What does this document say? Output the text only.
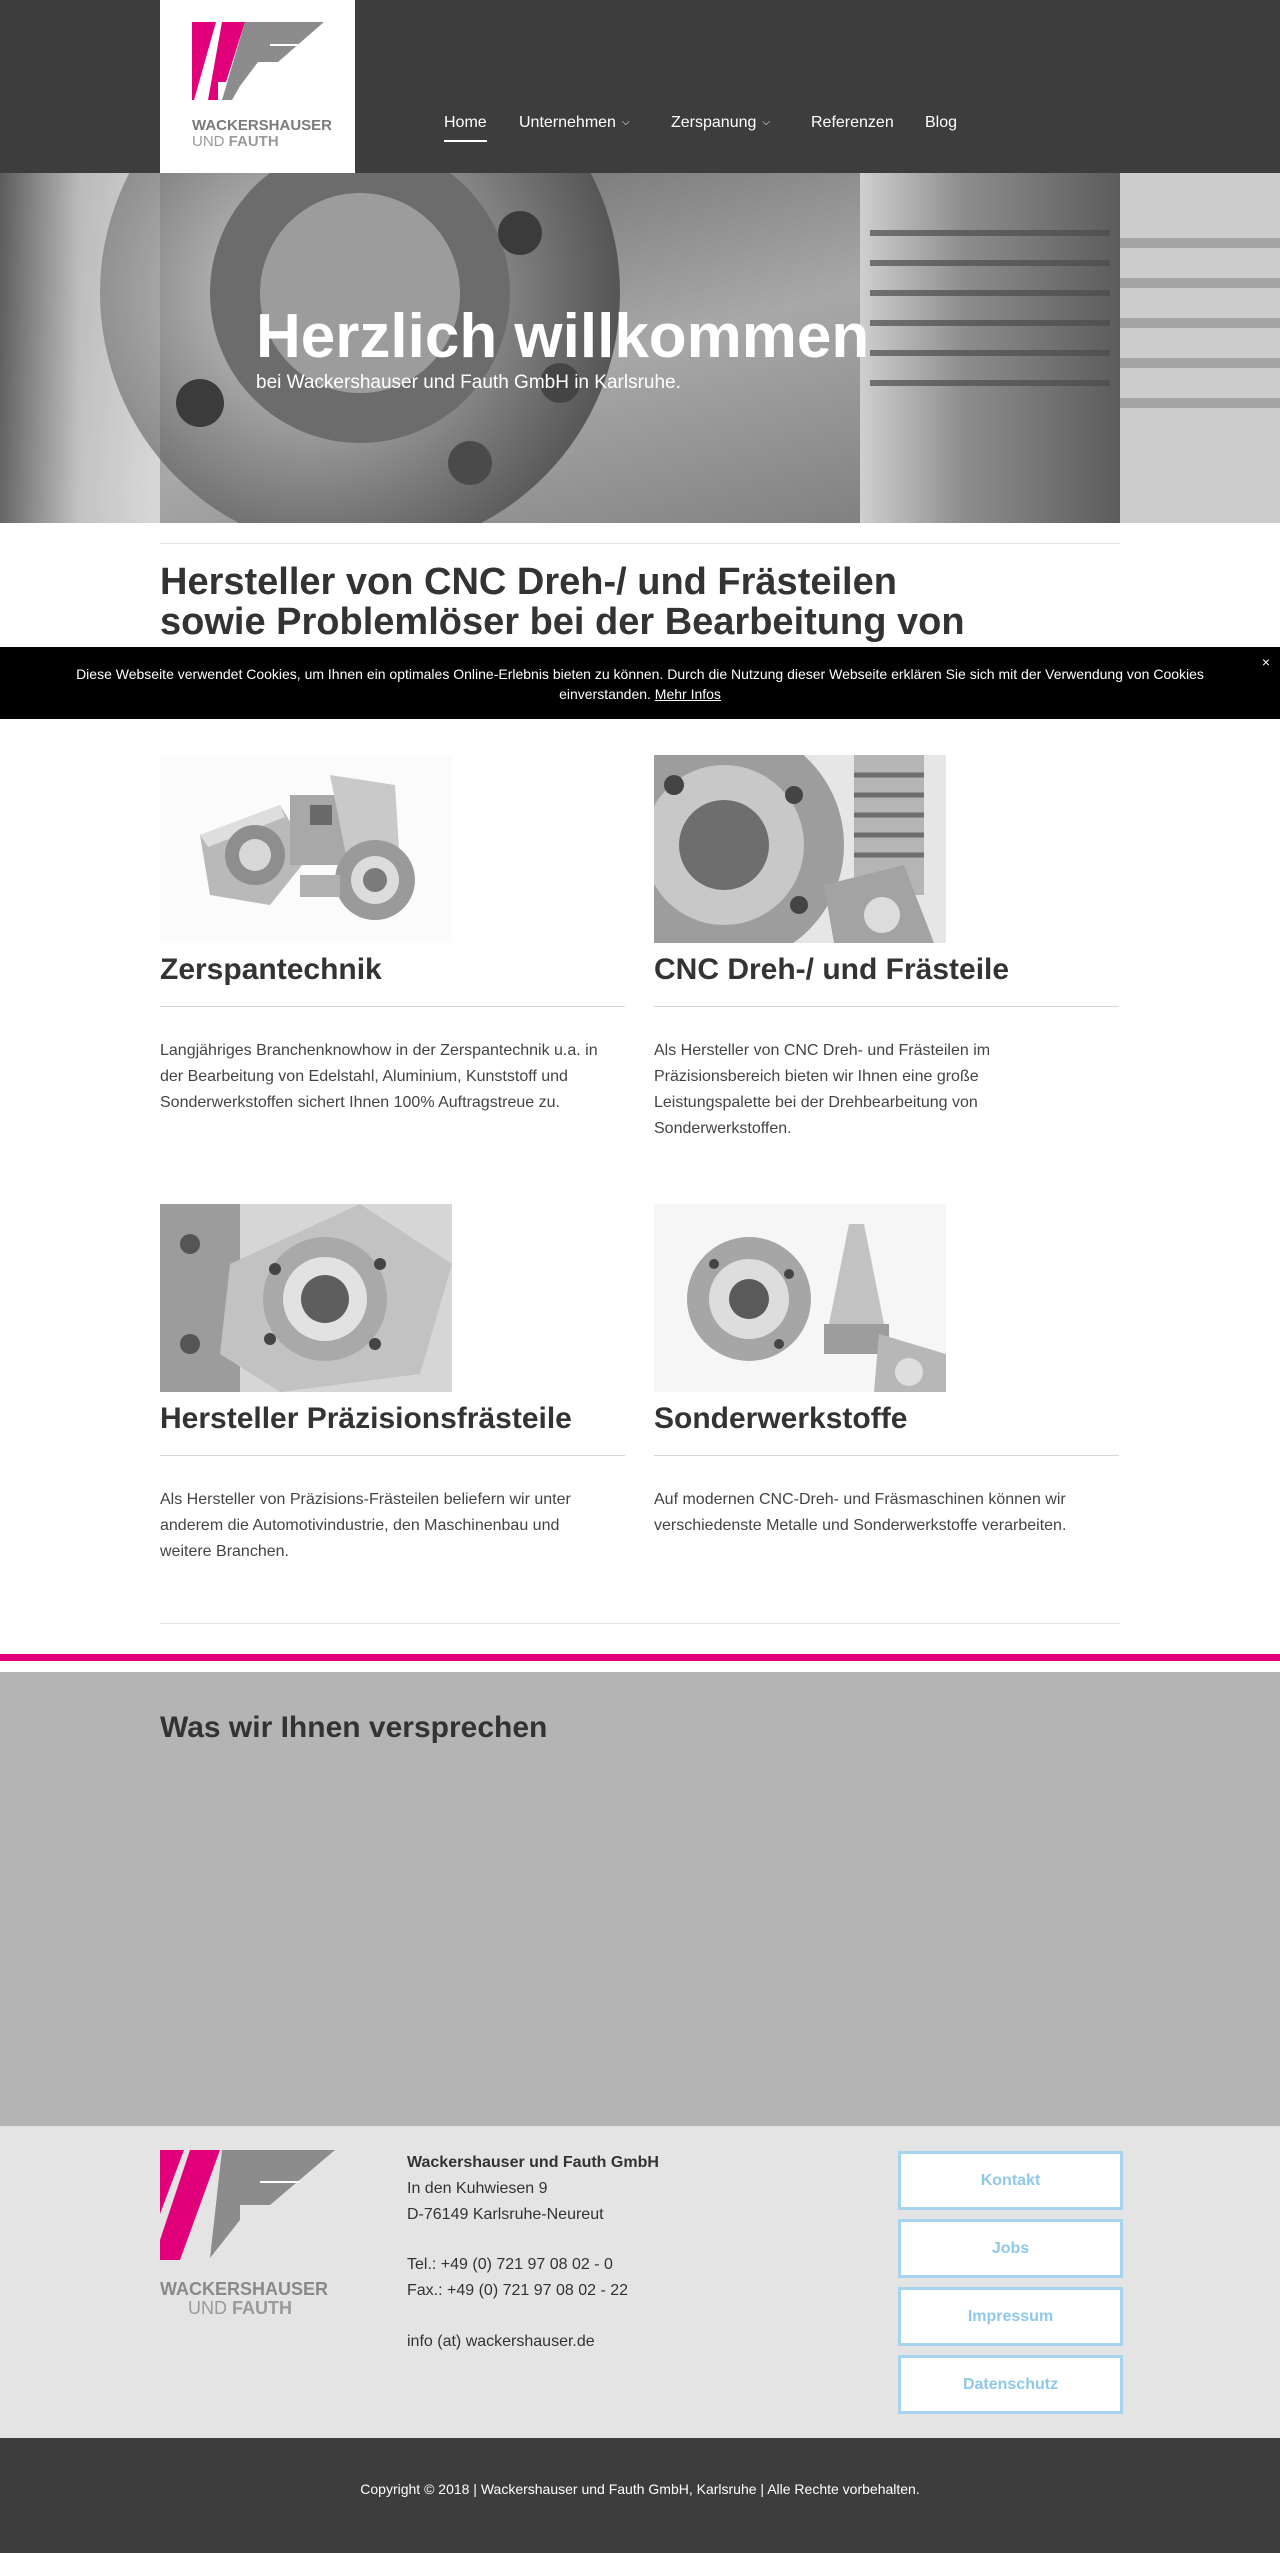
WACKERSHAUSER
UND FAUTH
Home Unternehmen ⌵	Zerspanung ⌵	Referenzen Blog
Herzlich willkommen
bei Wackershauser und Fauth GmbH in Karlsruhe.
Hersteller von CNC Dreh-/ und Frästeilen sowie Problemlöser bei der Bearbeitung von
Diese Webseite verwendet Cookies, um Ihnen ein optimales Online-Erlebnis bieten zu können. Durch die Nutzung dieser Webseite erklären Sie sich mit der Verwendung von Cookies einverstanden. Mehr Infos
×
Zerspantechnik
Langjähriges Branchenknowhow in der Zerspantechnik u.a. in der Bearbeitung von Edelstahl, Aluminium, Kunststoff und Sonderwerkstoffen sichert Ihnen 100% Auftragstreue zu.
CNC Dreh-/ und Frästeile
Als Hersteller von CNC Dreh- und Frästeilen im Präzisionsbereich bieten wir Ihnen eine große Leistungspalette bei der Drehbearbeitung von Sonderwerkstoffen.
Hersteller Präzisionsfrästeile
Als Hersteller von Präzisions-Frästeilen beliefern wir unter anderem die Automotivindustrie, den Maschinenbau und weitere Branchen.
Sonderwerkstoffe
Auf modernen CNC-Dreh- und Fräsmaschinen können wir verschiedenste Metalle und Sonderwerkstoffe verarbeiten.
Was wir Ihnen versprechen
WACKERSHAUSER
UND FAUTH
Wackershauser und Fauth GmbH
In den Kuhwiesen 9
D-76149 Karlsruhe-Neureut
Tel.: +49 (0) 721 97 08 02 - 0
Fax.: +49 (0) 721 97 08 02 - 22
info (at) wackershauser.de
Kontakt
Jobs
Impressum
Datenschutz
Copyright © 2018 | Wackershauser und Fauth GmbH, Karlsruhe | Alle Rechte vorbehalten.
